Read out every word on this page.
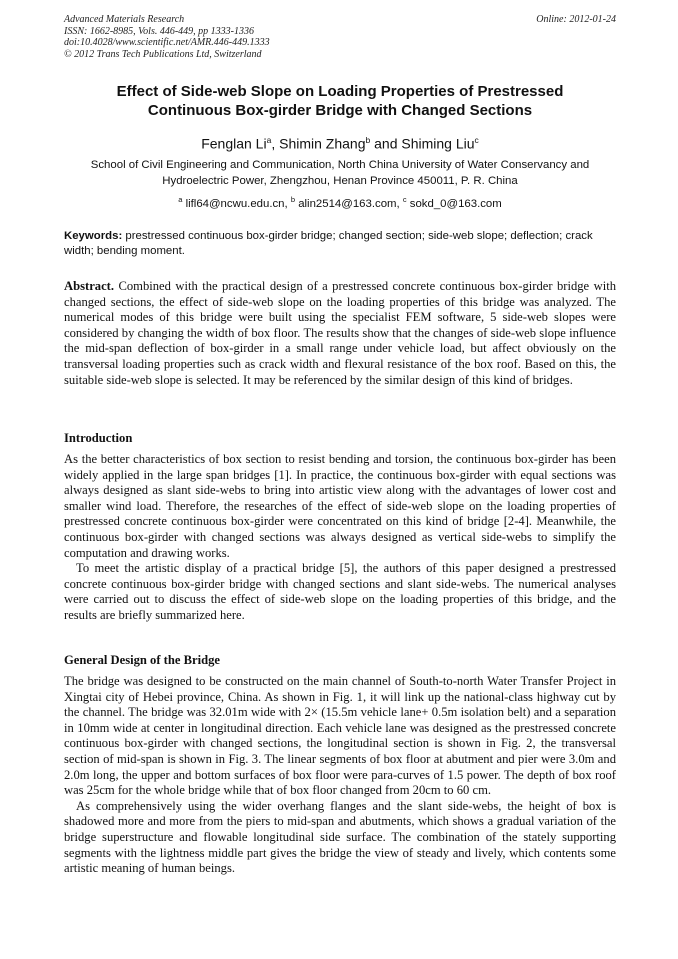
Advanced Materials Research
ISSN: 1662-8985, Vols. 446-449, pp 1333-1336
doi:10.4028/www.scientific.net/AMR.446-449.1333
© 2012 Trans Tech Publications Ltd, Switzerland
Online: 2012-01-24
Effect of Side-web Slope on Loading Properties of Prestressed
Continuous Box-girder Bridge with Changed Sections
Fenglan Li$^a$, Shimin Zhang$^b$ and Shiming Liu$^c$
School of Civil Engineering and Communication, North China University of Water Conservancy and
Hydroelectric Power, Zhengzhou, Henan Province 450011, P. R. China
$^a$ lifl64@ncwu.edu.cn, $^b$ alin2514@163.com, $^c$ sokd_0@163.com
Keywords: prestressed continuous box-girder bridge; changed section; side-web slope; deflection; crack width; bending moment.

Abstract. Combined with the practical design of a prestressed concrete continuous box-girder bridge with changed sections, the effect of side-web slope on the loading properties of this bridge was analyzed. The numerical modes of this bridge were built using the specialist FEM software, 5 side-web slopes were considered by changing the width of box floor. The results show that the changes of side-web slope influence the mid-span deflection of box-girder in a small range under vehicle load, but affect obviously on the transversal loading properties such as crack width and flexural resistance of the box roof. Based on this, the suitable side-web slope is selected. It may be referenced by the similar design of this kind of bridges.

Introduction

As the better characteristics of box section to resist bending and torsion, the continuous box-girder has been widely applied in the large span bridges [1]. In practice, the continuous box-girder with equal sections was always designed as slant side-webs to bring into artistic view along with the advantages of lower cost and smaller wind load. Therefore, the researches of the effect of side-web slope on the loading properties of prestressed concrete continuous box-girder were concentrated on this kind of bridge [2-4]. Meanwhile, the continuous box-girder with changed sections was always designed as vertical side-webs to simplify the computation and drawing works.

To meet the artistic display of a practical bridge [5], the authors of this paper designed a prestressed concrete continuous box-girder bridge with changed sections and slant side-webs. The numerical analyses were carried out to discuss the effect of side-web slope on the loading properties of this bridge, and the results are briefly summarized here.

General Design of the Bridge

The bridge was designed to be constructed on the main channel of South-to-north Water Transfer Project in Xingtai city of Hebei province, China. As shown in Fig. 1, it will link up the national-class highway cut by the channel. The bridge was 32.01m wide with 2× (15.5m vehicle lane+ 0.5m isolation belt) and a separation in 10mm wide at center in longitudinal direction. Each vehicle lane was designed as the prestressed concrete continuous box-girder with changed sections, the longitudinal section is shown in Fig. 2, the transversal section of mid-span is shown in Fig. 3. The linear segments of box floor at abutment and pier were 3.0m and 2.0m long, the upper and bottom surfaces of box floor were para-curves of 1.5 power. The depth of box roof was 25cm for the whole bridge while that of box floor changed from 20cm to 60 cm.

As comprehensively using the wider overhang flanges and the slant side-webs, the height of box is shadowed more and more from the piers to mid-span and abutments, which shows a gradual variation of the bridge superstructure and flowable longitudinal side surface. The combination of the stately supporting segments with the lightness middle part gives the bridge the view of steady and lively, which contents some artistic meaning of human beings.
